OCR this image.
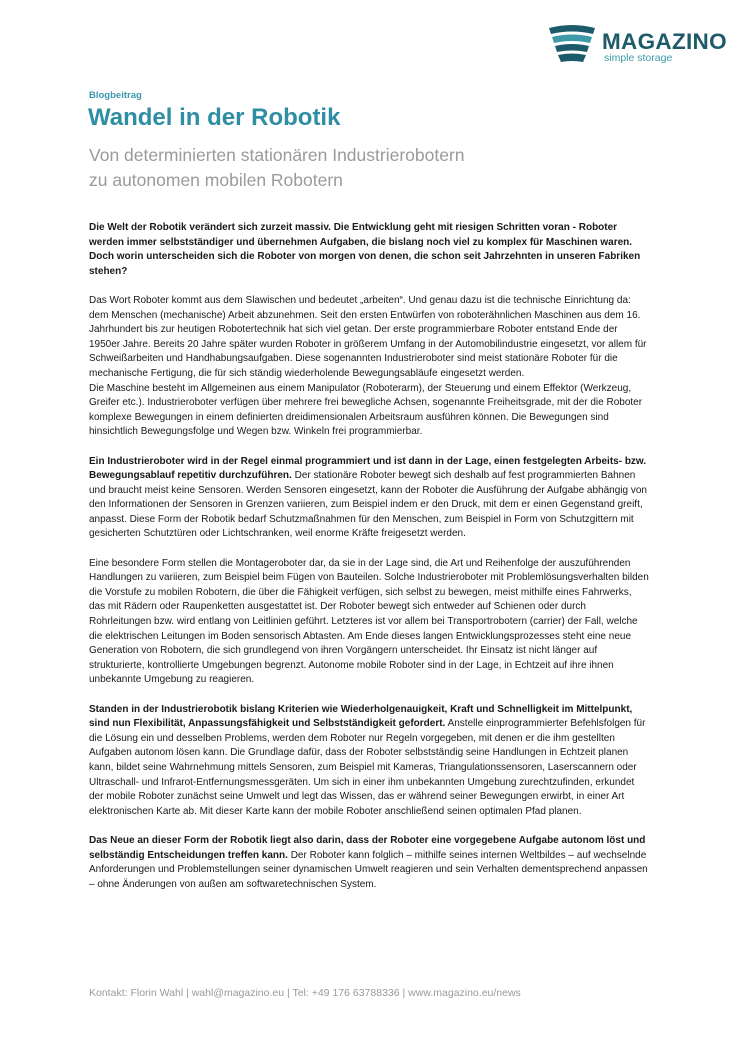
MAGAZINO
simple storage
Blogbeitrag
Wandel in der Robotik
Von determinierten stationären Industrierobotern
zu autonomen mobilen Robotern

Die Welt der Robotik verändert sich zurzeit massiv. Die Entwicklung geht mit riesigen Schritten voran - Roboter werden immer selbstständiger und übernehmen Aufgaben, die bislang noch viel zu komplex für Maschinen waren. Doch worin unterscheiden sich die Roboter von morgen von denen, die schon seit Jahrzehnten in unseren Fabriken stehen?

Das Wort Roboter kommt aus dem Slawischen und bedeutet „arbeiten“. Und genau dazu ist die technische Einrichtung da: dem Menschen (mechanische) Arbeit abzunehmen. Seit den ersten Entwürfen von roboterähnlichen Maschinen aus dem 16. Jahrhundert bis zur heutigen Robotertechnik hat sich viel getan. Der erste programmierbare Roboter entstand Ende der 1950er Jahre. Bereits 20 Jahre später wurden Roboter in größerem Umfang in der Automobilindustrie eingesetzt, vor allem für Schweißarbeiten und Handhabungsaufgaben. Diese sogenannten Industrieroboter sind meist stationäre Roboter für die mechanische Fertigung, die für sich ständig wiederholende Bewegungsabläufe eingesetzt werden.
Die Maschine besteht im Allgemeinen aus einem Manipulator (Roboterarm), der Steuerung und einem Effektor (Werkzeug, Greifer etc.). Industrieroboter verfügen über mehrere frei bewegliche Achsen, sogenannte Freiheitsgrade, mit der die Roboter komplexe Bewegungen in einem definierten dreidimensionalen Arbeitsraum ausführen können. Die Bewegungen sind hinsichtlich Bewegungsfolge und Wegen bzw. Winkeln frei programmierbar.

Ein Industrieroboter wird in der Regel einmal programmiert und ist dann in der Lage, einen festgelegten Arbeits- bzw. Bewegungsablauf repetitiv durchzuführen. Der stationäre Roboter bewegt sich deshalb auf fest programmierten Bahnen und braucht meist keine Sensoren. Werden Sensoren eingesetzt, kann der Roboter die Ausführung der Aufgabe abhängig von den Informationen der Sensoren in Grenzen variieren, zum Beispiel indem er den Druck, mit dem er einen Gegenstand greift, anpasst. Diese Form der Robotik bedarf Schutzmaßnahmen für den Menschen, zum Beispiel in Form von Schutzgittern mit gesicherten Schutztüren oder Lichtschranken, weil enorme Kräfte freigesetzt werden.

Eine besondere Form stellen die Montageroboter dar, da sie in der Lage sind, die Art und Reihenfolge der auszuführenden Handlungen zu variieren, zum Beispiel beim Fügen von Bauteilen. Solche Industrieroboter mit Problemlösungsverhalten bilden die Vorstufe zu mobilen Robotern, die über die Fähigkeit verfügen, sich selbst zu bewegen, meist mithilfe eines Fahrwerks, das mit Rädern oder Raupenketten ausgestattet ist. Der Roboter bewegt sich entweder auf Schienen oder durch Rohrleitungen bzw. wird entlang von Leitlinien geführt. Letzteres ist vor allem bei Transportrobotern (carrier) der Fall, welche die elektrischen Leitungen im Boden sensorisch Abtasten. Am Ende dieses langen Entwicklungsprozesses steht eine neue Generation von Robotern, die sich grundlegend von ihren Vorgängern unterscheidet. Ihr Einsatz ist nicht länger auf strukturierte, kontrollierte Umgebungen begrenzt. Autonome mobile Roboter sind in der Lage, in Echtzeit auf ihre ihnen unbekannte Umgebung zu reagieren.

Standen in der Industrierobotik bislang Kriterien wie Wiederholgenauigkeit, Kraft und Schnelligkeit im Mittelpunkt, sind nun Flexibilität, Anpassungsfähigkeit und Selbstständigkeit gefordert. Anstelle einprogrammierter Befehlsfolgen für die Lösung ein und desselben Problems, werden dem Roboter nur Regeln vorgegeben, mit denen er die ihm gestellten Aufgaben autonom lösen kann. Die Grundlage dafür, dass der Roboter selbstständig seine Handlungen in Echtzeit planen kann, bildet seine Wahrnehmung mittels Sensoren, zum Beispiel mit Kameras, Triangulationssensoren, Laserscannern oder Ultraschall- und Infrarot-Entfernungsmessgeräten. Um sich in einer ihm unbekannten Umgebung zurechtzufinden, erkundet der mobile Roboter zunächst seine Umwelt und legt das Wissen, das er während seiner Bewegungen erwirbt, in einer Art elektronischen Karte ab. Mit dieser Karte kann der mobile Roboter anschließend seinen optimalen Pfad planen.

Das Neue an dieser Form der Robotik liegt also darin, dass der Roboter eine vorgegebene Aufgabe autonom löst und selbständig Entscheidungen treffen kann. Der Roboter kann folglich – mithilfe seines internen Weltbildes – auf wechselnde Anforderungen und Problemstellungen seiner dynamischen Umwelt reagieren und sein Verhalten dementsprechend anpassen – ohne Änderungen von außen am softwaretechnischen System.

Kontakt: Florin Wahl | wahl@magazino.eu | Tel: +49 176 63788336 | www.magazino.eu/news
